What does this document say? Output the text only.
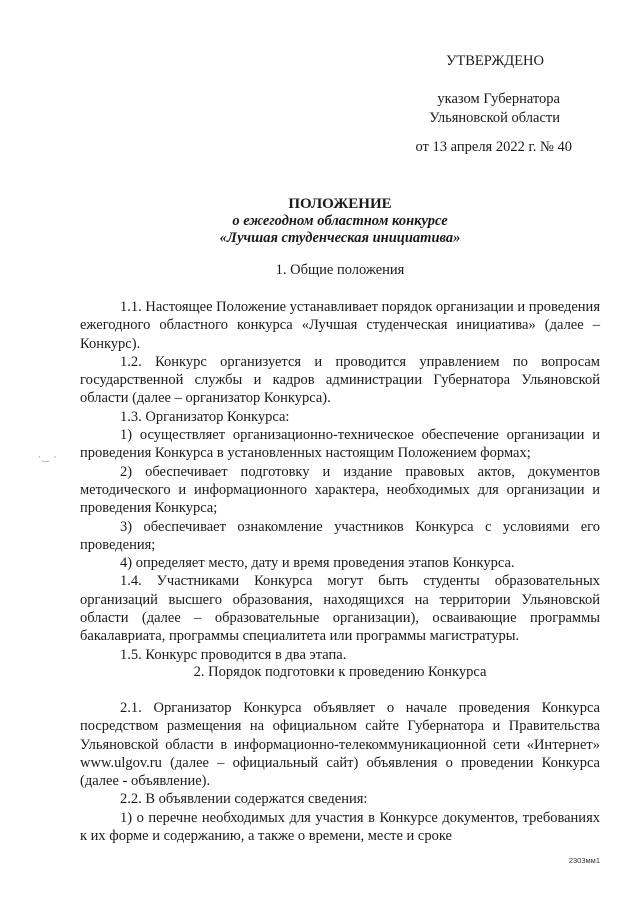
УТВЕРЖДЕНО
указом Губернатора
Ульяновской области
от 13 апреля 2022 г. № 40
ПОЛОЖЕНИЕ
о ежегодном областном конкурсе
«Лучшая студенческая инициатива»
1. Общие положения

1.1. Настоящее Положение устанавливает порядок организации и проведения ежегодного областного конкурса «Лучшая студенческая инициатива» (далее – Конкурс).

1.2. Конкурс организуется и проводится управлением по вопросам государственной службы и кадров администрации Губернатора Ульяновской области (далее – организатор Конкурса).

1.3. Организатор Конкурса:

1) осуществляет организационно-техническое обеспечение организации и проведения Конкурса в установленных настоящим Положением формах;

2) обеспечивает подготовку и издание правовых актов, документов методического и информационного характера, необходимых для организации и проведения Конкурса;

3) обеспечивает ознакомление участников Конкурса с условиями его проведения;

4) определяет место, дату и время проведения этапов Конкурса.

1.4. Участниками Конкурса могут быть студенты образовательных организаций высшего образования, находящихся на территории Ульяновской области (далее – образовательные организации), осваивающие программы бакалавриата, программы специалитета или программы магистратуры.

1.5. Конкурс проводится в два этапа.

2. Порядок подготовки к проведению Конкурса

2.1. Организатор Конкурса объявляет о начале проведения Конкурса посредством размещения на официальном сайте Губернатора и Правительства Ульяновской области в информационно-телекоммуникационной сети «Интернет» www.ulgov.ru (далее – официальный сайт) объявления о проведении Конкурса (далее - объявление).

2.2. В объявлении содержатся сведения:

1) о перечне необходимых для участия в Конкурсе документов, требованиях к их форме и содержанию, а также о времени, месте и сроке

·‿ ·
2303мм1
